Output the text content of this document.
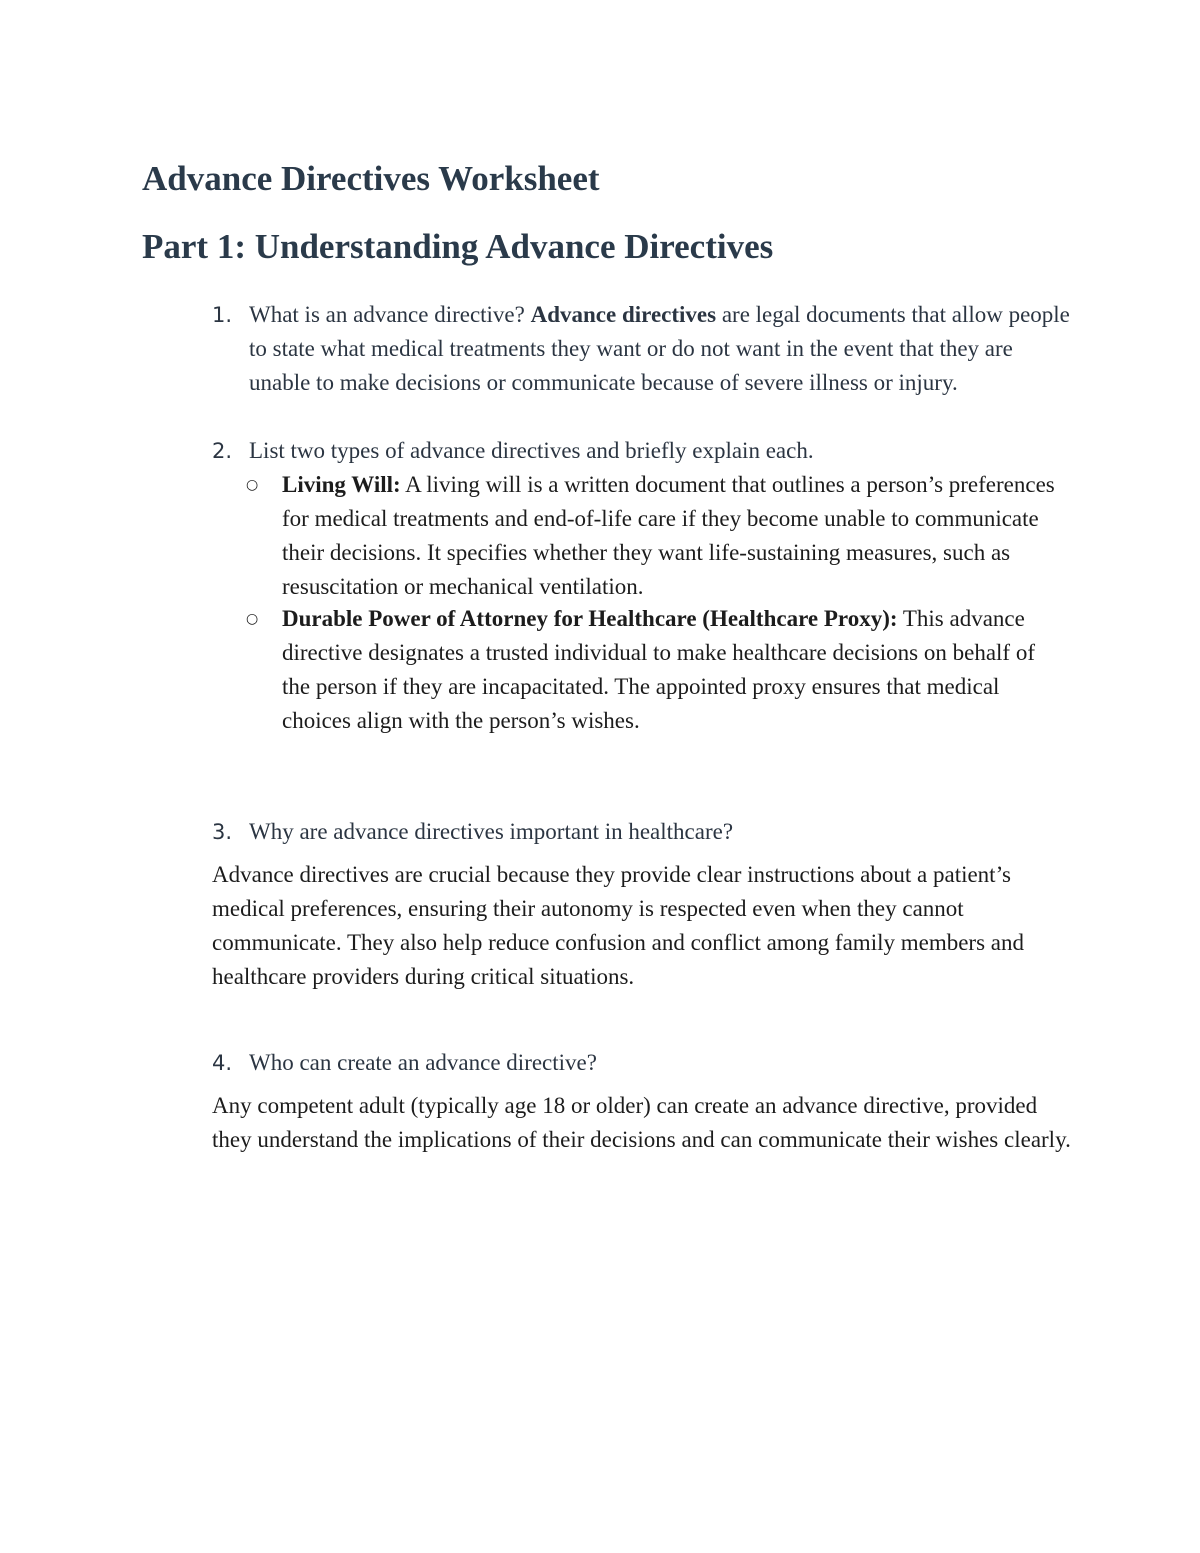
Advance Directives Worksheet
Part 1: Understanding Advance Directives
1. What is an advance directive? Advance directives are legal documents that allow people to state what medical treatments they want or do not want in the event that they are unable to make decisions or communicate because of severe illness or injury.
2. List two types of advance directives and briefly explain each.
○ Living Will: A living will is a written document that outlines a person’s preferences for medical treatments and end-of-life care if they become unable to communicate their decisions. It specifies whether they want life-sustaining measures, such as resuscitation or mechanical ventilation.
○ Durable Power of Attorney for Healthcare (Healthcare Proxy): This advance directive designates a trusted individual to make healthcare decisions on behalf of the person if they are incapacitated. The appointed proxy ensures that medical choices align with the person’s wishes.
3. Why are advance directives important in healthcare?
Advance directives are crucial because they provide clear instructions about a patient’s medical preferences, ensuring their autonomy is respected even when they cannot communicate. They also help reduce confusion and conflict among family members and healthcare providers during critical situations.
4. Who can create an advance directive?
Any competent adult (typically age 18 or older) can create an advance directive, provided they understand the implications of their decisions and can communicate their wishes clearly.
